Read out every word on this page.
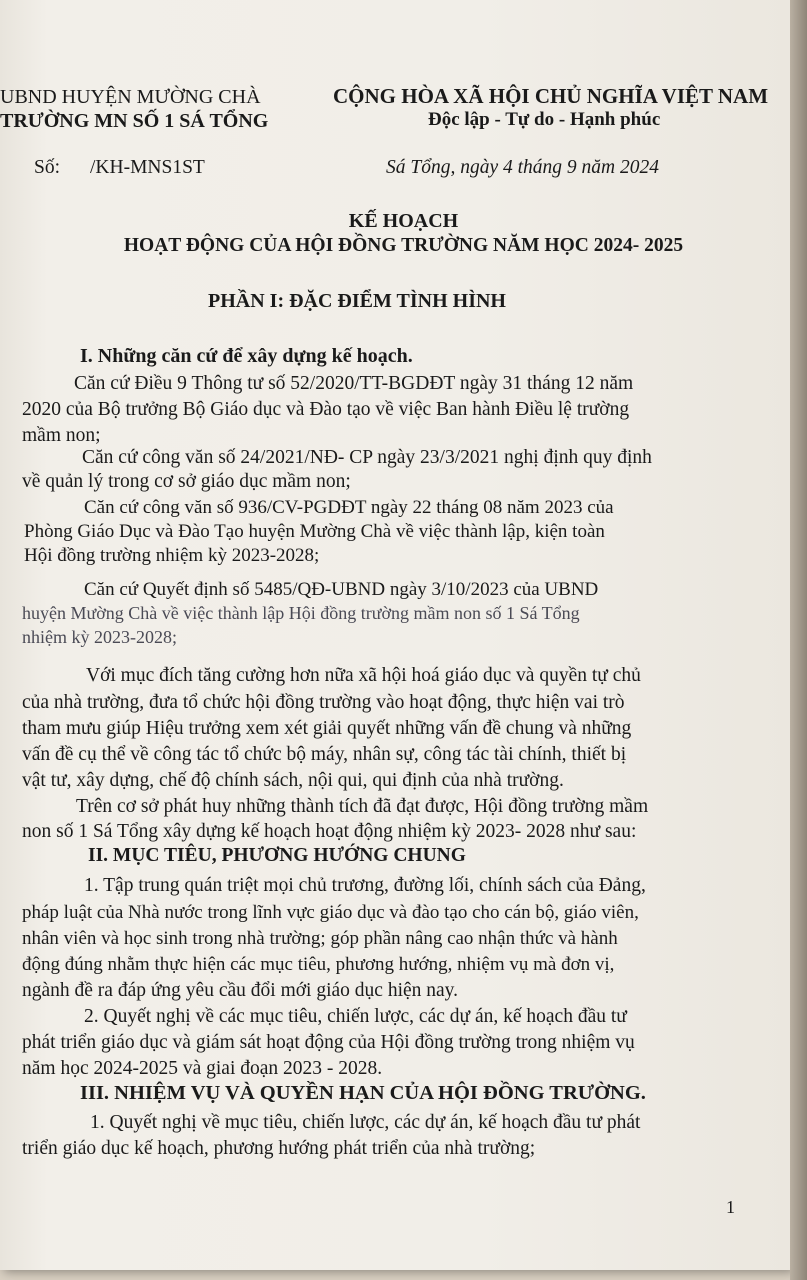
UBND HUYỆN MƯỜNG CHÀ
TRƯỜNG MN SỐ 1 SÁ TỔNG
CỘNG HÒA XÃ HỘI CHỦ NGHĨA VIỆT NAM
Độc lập - Tự do - Hạnh phúc
Số: /KH-MNS1ST	Sá Tổng, ngày 4 tháng 9 năm 2024
KẾ HOẠCH
HOẠT ĐỘNG CỦA HỘI ĐỒNG TRƯỜNG NĂM HỌC 2024- 2025
PHẦN I: ĐẶC ĐIỂM TÌNH HÌNH
I. Những căn cứ để xây dựng kế hoạch.
Căn cứ Điều 9 Thông tư số 52/2020/TT-BGDĐT ngày 31 tháng 12 năm
2020 của Bộ trưởng Bộ Giáo dục và Đào tạo về việc Ban hành Điều lệ trường
mầm non;
Căn cứ công văn số 24/2021/NĐ- CP ngày 23/3/2021 nghị định quy định
về quản lý trong cơ sở giáo dục mầm non;
Căn cứ công văn số 936/CV-PGDĐT ngày 22 tháng 08 năm 2023 của
Phòng Giáo Dục và Đào Tạo huyện Mường Chà về việc thành lập, kiện toàn
Hội đồng trường nhiệm kỳ 2023-2028;
Căn cứ Quyết định số 5485/QĐ-UBND ngày 3/10/2023 của UBND
huyện Mường Chà về việc thành lập Hội đồng trường mầm non số 1 Sá Tổng
nhiệm kỳ 2023-2028;
Với mục đích tăng cường hơn nữa xã hội hoá giáo dục và quyền tự chủ
của nhà trường, đưa tổ chức hội đồng trường vào hoạt động, thực hiện vai trò
tham mưu giúp Hiệu trưởng xem xét giải quyết những vấn đề chung và những
vấn đề cụ thể về công tác tổ chức bộ máy, nhân sự, công tác tài chính, thiết bị
vật tư, xây dựng, chế độ chính sách, nội qui, qui định của nhà trường.
Trên cơ sở phát huy những thành tích đã đạt được, Hội đồng trường mầm
non số 1 Sá Tổng xây dựng kế hoạch hoạt động nhiệm kỳ 2023- 2028 như sau:
II. MỤC TIÊU, PHƯƠNG HƯỚNG CHUNG
1. Tập trung quán triệt mọi chủ trương, đường lối, chính sách của Đảng,
pháp luật của Nhà nước trong lĩnh vực giáo dục và đào tạo cho cán bộ, giáo viên,
nhân viên và học sinh trong nhà trường; góp phần nâng cao nhận thức và hành
động đúng nhằm thực hiện các mục tiêu, phương hướng, nhiệm vụ mà đơn vị,
ngành đề ra đáp ứng yêu cầu đổi mới giáo dục hiện nay.
2. Quyết nghị về các mục tiêu, chiến lược, các dự án, kế hoạch đầu tư
phát triển giáo dục và giám sát hoạt động của Hội đồng trường trong nhiệm vụ
năm học 2024-2025 và giai đoạn 2023 - 2028.
III. NHIỆM VỤ VÀ QUYỀN HẠN CỦA HỘI ĐỒNG TRƯỜNG.
1. Quyết nghị về mục tiêu, chiến lược, các dự án, kế hoạch đầu tư phát
triển giáo dục kế hoạch, phương hướng phát triển của nhà trường;
1
